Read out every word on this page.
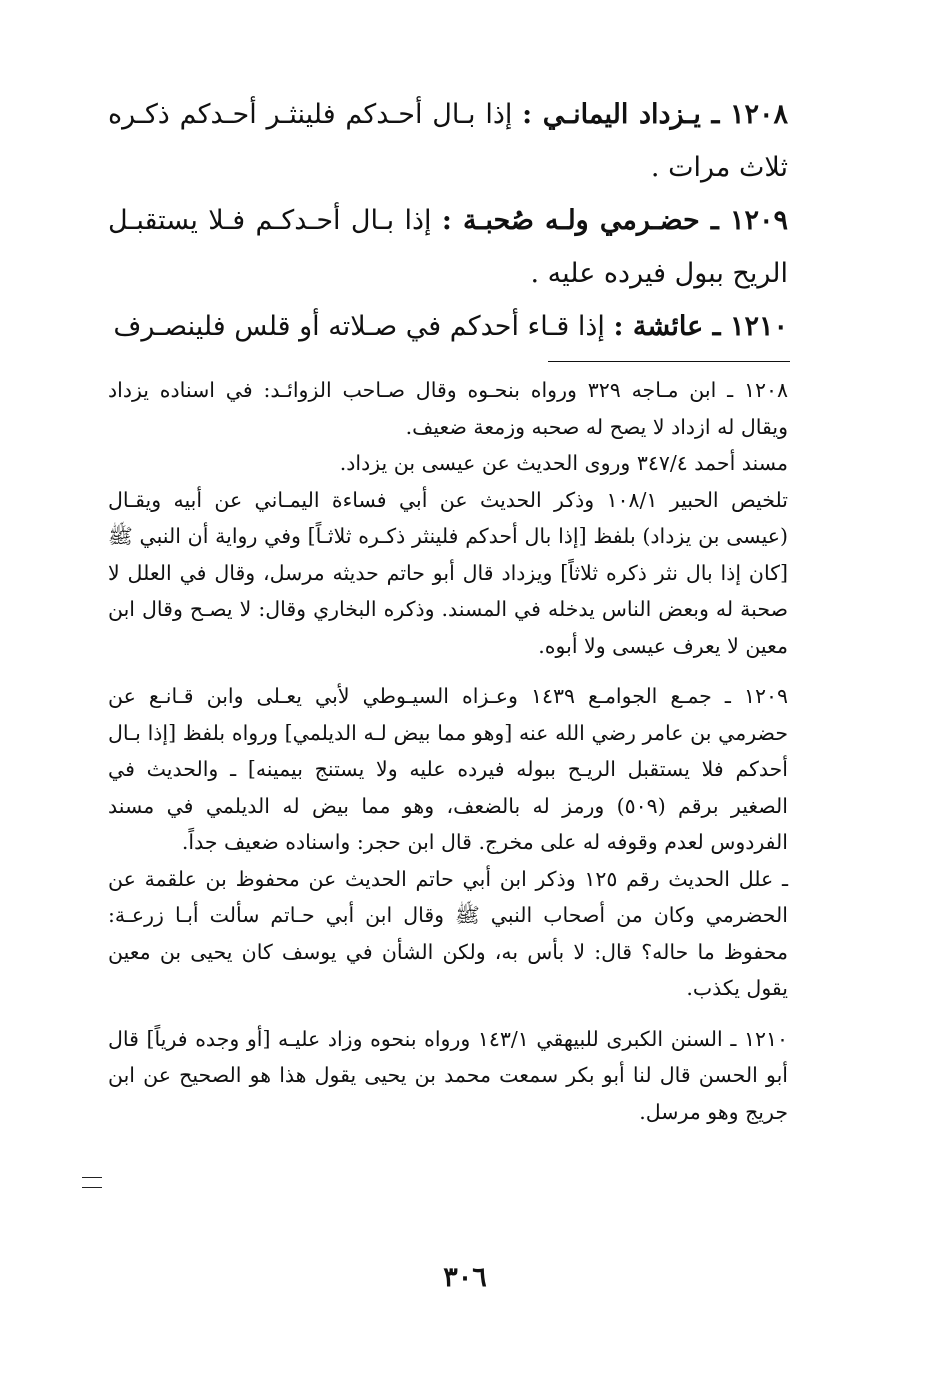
١٢٠٨ ـ يـزداد اليمانـي : إذا بـال أحـدكم فلينثـر أحـدكم ذكـره ثلاث مرات .

١٢٠٩ ـ حضـرمي ولـه صُحبـة : إذا بـال أحـدكـم فـلا يستقبـل الريح ببول فيرده عليه .

١٢١٠ ـ عائشة : إذا قـاء أحدكم في صـلاته أو قلس فلينصـرف

١٢٠٨ ـ ابن مـاجه ٣٢٩ ورواه بنحـوه وقال صـاحب الزوائـد: في اسناده يزداد ويقال له ازداد لا يصح له صحبه وزمعة ضعيف.

مسند أحمد ٣٤٧/٤ وروى الحديث عن عيسى بن يزداد.

تلخيص الحبير ١٠٨/١ وذكر الحديث عن أبي فساءة اليمـاني عن أبيه ويقـال (عيسى بن يزداد) بلفظ [إذا بال أحدكم فلينثر ذكـره ثلاثـاً] وفي رواية أن النبي ﷺ [كان إذا بال نثر ذكره ثلاثاً] ويزداد قال أبو حاتم حديثه مرسل، وقال في العلل لا صحبة له وبعض الناس يدخله في المسند. وذكره البخاري وقال: لا يصـح وقال ابن معين لا يعرف عيسى ولا أبوه.

١٢٠٩ ـ جمـع الجوامـع ١٤٣٩ وعـزاه السيـوطي لأبي يعـلى وابن قـانـع عن حضرمي بن عامر رضي الله عنه [وهو مما بيض لـه الديلمي] ورواه بلفظ [إذا بـال أحدكم فلا يستقبل الريـح ببوله فيرده عليه ولا يستنج بيمينه] ـ والحديث في الصغير برقم (٥٠٩) ورمز له بالضعف، وهو مما بيض له الديلمي في مسند الفردوس لعدم وقوفه له على مخرج. قال ابن حجر: واسناده ضعيف جداً.

ـ علل الحديث رقم ١٢٥ وذكر ابن أبي حاتم الحديث عن محفوظ بن علقمة عن الحضرمي وكان من أصحاب النبي ﷺ وقال ابن أبي حـاتم سألت أبـا زرعـة: محفوظ ما حاله؟ قال: لا بأس به، ولكن الشأن في يوسف كان يحيى بن معين يقول يكذب.

١٢١٠ ـ السنن الكبرى للبيهقي ١٤٣/١ ورواه بنحوه وزاد عليـه [أو وجده فرياً] قال أبو الحسن قال لنا أبو بكر سمعت محمد بن يحيى يقول هذا هو الصحيح عن ابن جريج وهو مرسل.

٣٠٦
